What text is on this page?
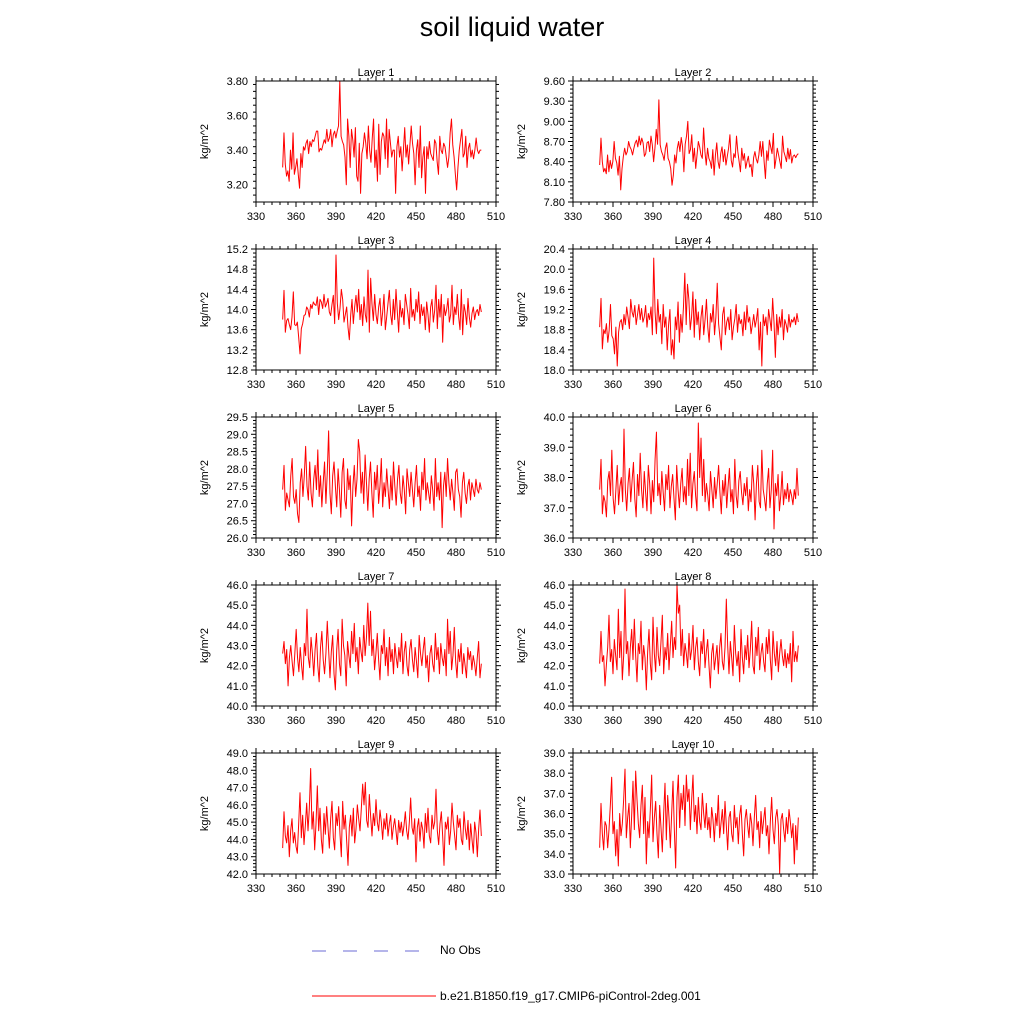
soil liquid water
Layer 1
kg/m^2
3.20
3.40
3.60
3.80
330 360 390 420 450 480 510
Layer 2
kg/m^2
7.80
8.10
8.40
8.70
9.00
9.30
9.60
330 360 390 420 450 480 510
Layer 3
kg/m^2
12.8
13.2
13.6
14.0
14.4
14.8
15.2
330 360 390 420 450 480 510
Layer 4
kg/m^2
18.0
18.4
18.8
19.2
19.6
20.0
20.4
330 360 390 420 450 480 510
Layer 5
kg/m^2
26.0
26.5
27.0
27.5
28.0
28.5
29.0
29.5
330 360 390 420 450 480 510
Layer 6
kg/m^2
36.0
37.0
38.0
39.0
40.0
330 360 390 420 450 480 510
Layer 7
kg/m^2
40.0
41.0
42.0
43.0
44.0
45.0
46.0
330 360 390 420 450 480 510
Layer 8
kg/m^2
40.0
41.0
42.0
43.0
44.0
45.0
46.0
330 360 390 420 450 480 510
Layer 9
kg/m^2
42.0
43.0
44.0
45.0
46.0
47.0
48.0
49.0
330 360 390 420 450 480 510
Layer 10
kg/m^2
33.0
34.0
35.0
36.0
37.0
38.0
39.0
330 360 390 420 450 480 510
No Obs
b.e21.B1850.f19_g17.CMIP6-piControl-2deg.001
